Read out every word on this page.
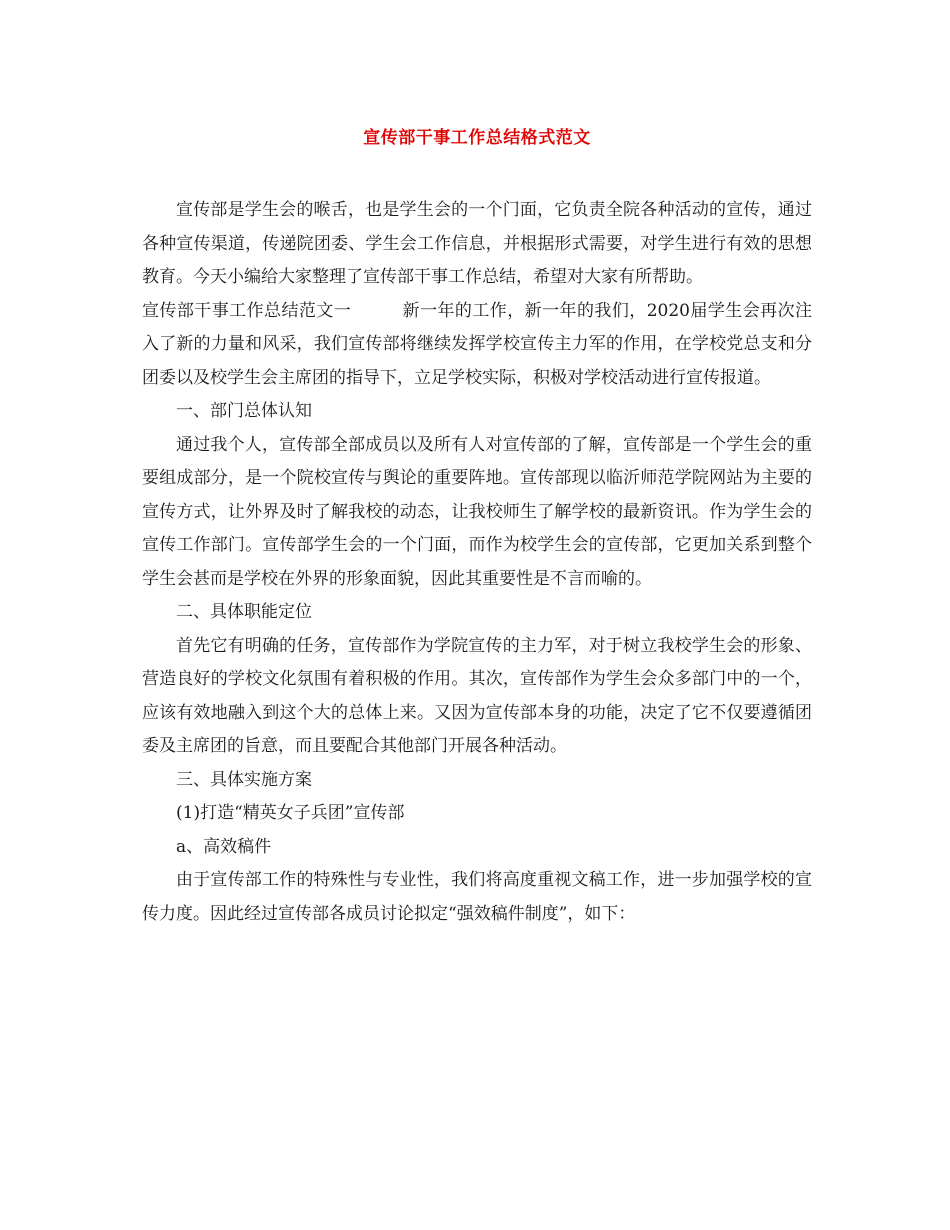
宣传部干事工作总结格式范文

宣传部是学生会的喉舌，也是学生会的一个门面，它负责全院各种活动的宣传，通过各种宣传渠道，传递院团委、学生会工作信息，并根据形式需要，对学生进行有效的思想教育。今天小编给大家整理了宣传部干事工作总结，希望对大家有所帮助。

宣传部干事工作总结范文一	新一年的工作，新一年的我们，2020届学生会再次注入了新的力量和风采，我们宣传部将继续发挥学校宣传主力军的作用，在学校党总支和分团委以及校学生会主席团的指导下，立足学校实际，积极对学校活动进行宣传报道。

一、部门总体认知

通过我个人，宣传部全部成员以及所有人对宣传部的了解，宣传部是一个学生会的重要组成部分，是一个院校宣传与舆论的重要阵地。宣传部现以临沂师范学院网站为主要的宣传方式，让外界及时了解我校的动态，让我校师生了解学校的最新资讯。作为学生会的宣传工作部门。宣传部学生会的一个门面，而作为校学生会的宣传部，它更加关系到整个学生会甚而是学校在外界的形象面貌，因此其重要性是不言而喻的。

二、具体职能定位

首先它有明确的任务，宣传部作为学院宣传的主力军，对于树立我校学生会的形象、营造良好的学校文化氛围有着积极的作用。其次，宣传部作为学生会众多部门中的一个，应该有效地融入到这个大的总体上来。又因为宣传部本身的功能，决定了它不仅要遵循团委及主席团的旨意，而且要配合其他部门开展各种活动。

三、具体实施方案

(1)打造“精英女子兵团”宣传部

a、高效稿件

由于宣传部工作的特殊性与专业性，我们将高度重视文稿工作，进一步加强学校的宣传力度。因此经过宣传部各成员讨论拟定“强效稿件制度”，如下：
